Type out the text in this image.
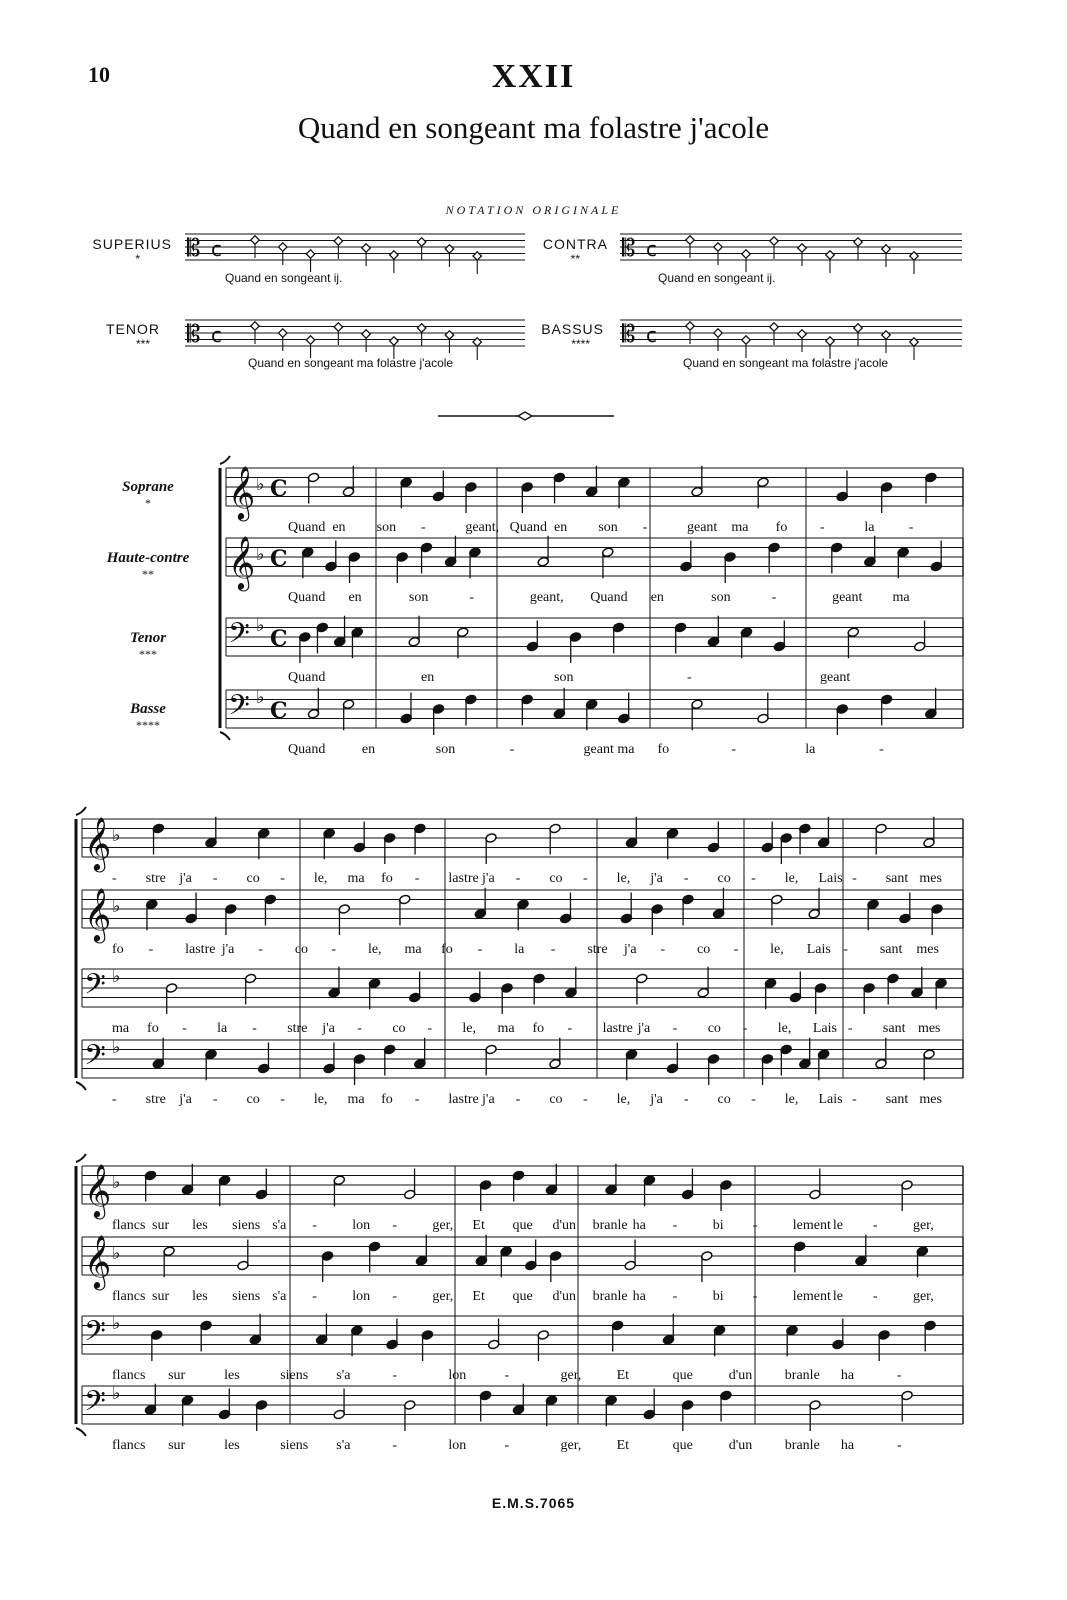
10	XXII
Quand en songeant ma folastre j'acole
NOTATION ORIGINALE
SUPERIUS
*
CONTRA
**
TENOR
***
BASSUS
****
Quand en songeant ij.	Quand en songeant ij.
Quand en songeant ma folastre j'acole	Quand en songeant ma folastre j'acole
Soprane
*
Haute-contre
**
Tenor
***
Basse
****
𝄡 c	𝄡 c
𝄡 c	𝄡 c
𝄞 ♭ C
𝄞 ♭ C
𝄢 ♭
C
𝄢 ♭
C
𝄞 ♭
𝄞 ♭
𝄢 ♭
𝄢 ♭
𝄞 ♭
𝄞 ♭
𝄢 ♭
𝄢 ♭
Quand en son -	geant, Quand en son -	geant ma fo -	la -
Quand en	son	-	geant, Quand en	son	-	geant ma
Quand	en	son	-	geant
Quand	en	son	-	geant ma fo	-	la	-
- stre j'a - co - le, ma fo - lastre j'a - co - le, j'a - co - le, Lais - sant mes
fo - lastre j'a - co - le, ma fo - la - stre j'a - co - le, Lais - sant mes
ma fo - la - stre j'a - co - le, ma fo - lastre j'a - co - le, Lais - sant mes
- stre j'a - co - le, ma fo - lastre j'a - co - le, j'a - co - le, Lais - sant mes
flancs sur les siens s'a -	lon -	ger, Et que d'un branle ha -	bi -	lement le -	ger,
flancs sur les siens s'a -	lon -	ger, Et que d'un branle ha -	bi -	lement le -	ger,
flancs sur	les	siens s'a	-	lon	-	ger,	Et	que	d'un branle ha	-
flancs sur	les	siens s'a	-	lon	-	ger,	Et	que	d'un branle ha	-
E.M.S.7065
